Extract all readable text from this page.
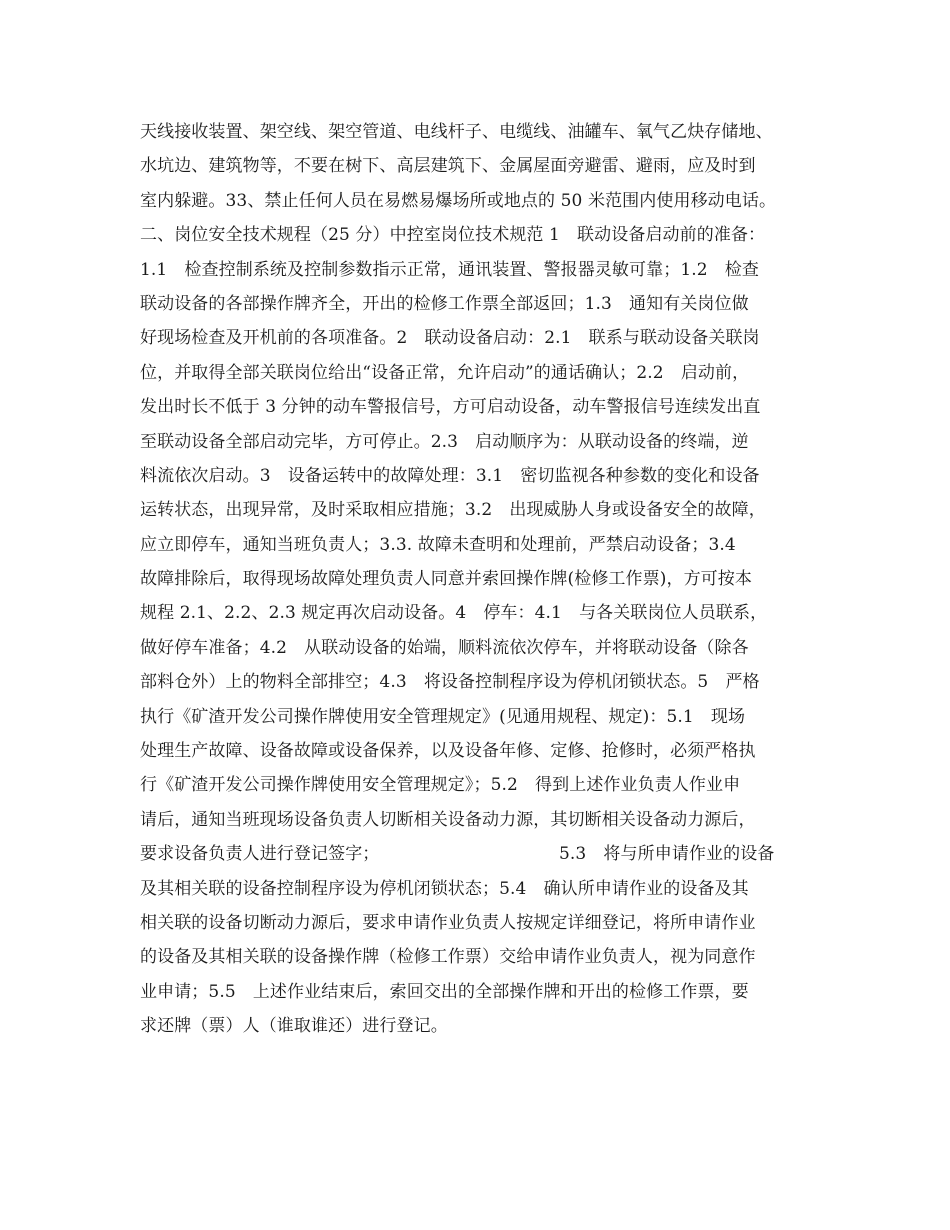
天线接收装置、架空线、架空管道、电线杆子、电缆线、油罐车、氧气乙炔存储地、
水坑边、建筑物等，不要在树下、高层建筑下、金属屋面旁避雷、避雨，应及时到
室内躲避。33、禁止任何人员在易燃易爆场所或地点的 50 米范围内使用移动电话。
二、岗位安全技术规程（25 分）中控室岗位技术规范 1　联动设备启动前的准备：
1.1　检查控制系统及控制参数指示正常，通讯装置、警报器灵敏可靠；1.2　检查
联动设备的各部操作牌齐全，开出的检修工作票全部返回；1.3　通知有关岗位做
好现场检查及开机前的各项准备。2　联动设备启动：2.1　联系与联动设备关联岗
位，并取得全部关联岗位给出“设备正常，允许启动”的通话确认；2.2　启动前，
发出时长不低于 3 分钟的动车警报信号，方可启动设备，动车警报信号连续发出直
至联动设备全部启动完毕，方可停止。2.3　启动顺序为：从联动设备的终端，逆
料流依次启动。3　设备运转中的故障处理：3.1　密切监视各种参数的变化和设备
运转状态，出现异常，及时采取相应措施；3.2　出现威胁人身或设备安全的故障，
应立即停车，通知当班负责人；3.3. 故障未查明和处理前，严禁启动设备；3.4
故障排除后，取得现场故障处理负责人同意并索回操作牌(检修工作票)，方可按本
规程 2.1、2.2、2.3 规定再次启动设备。4　停车：4.1　与各关联岗位人员联系，
做好停车准备；4.2　从联动设备的始端，顺料流依次停车，并将联动设备（除各
部料仓外）上的物料全部排空；4.3　将设备控制程序设为停机闭锁状态。5　严格
执行《矿渣开发公司操作牌使用安全管理规定》(见通用规程、规定)：5.1　现场
处理生产故障、设备故障或设备保养，以及设备年修、定修、抢修时，必须严格执
行《矿渣开发公司操作牌使用安全管理规定》；5.2　得到上述作业负责人作业申
请后，通知当班现场设备负责人切断相关设备动力源，其切断相关设备动力源后，
要求设备负责人进行登记签字；　　　　　　　　　　　5.3　将与所申请作业的设备
及其相关联的设备控制程序设为停机闭锁状态；5.4　确认所申请作业的设备及其
相关联的设备切断动力源后，要求申请作业负责人按规定详细登记，将所申请作业
的设备及其相关联的设备操作牌（检修工作票）交给申请作业负责人，视为同意作
业申请；5.5　上述作业结束后，索回交出的全部操作牌和开出的检修工作票，要
求还牌（票）人（谁取谁还）进行登记。
